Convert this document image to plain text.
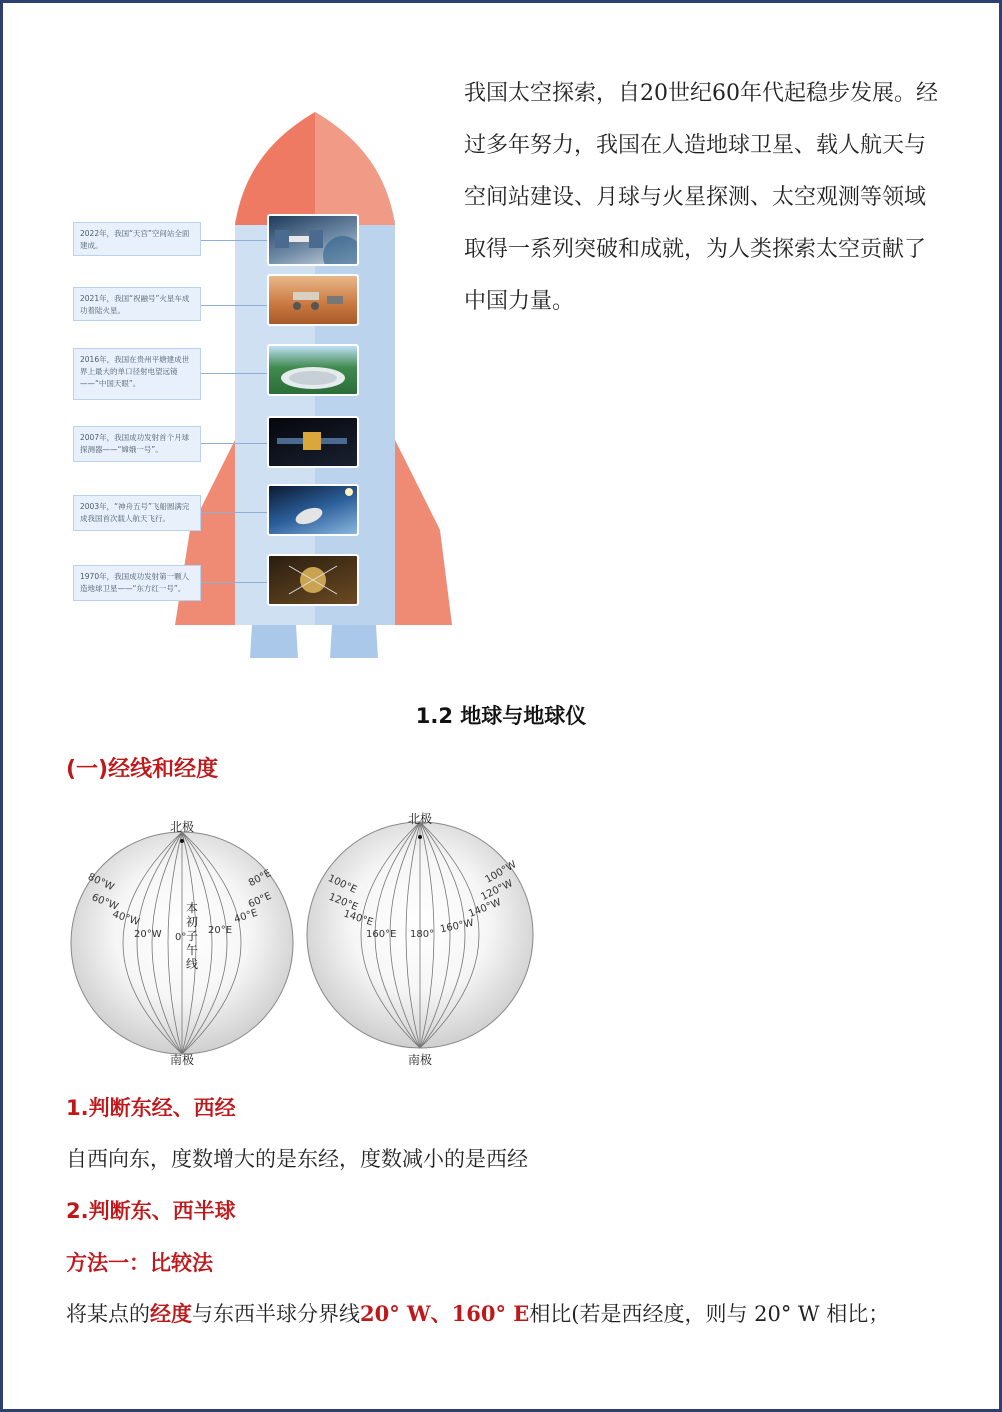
2022年，我国“天宫”空间站全面建成。
2021年，我国“祝融号”火星车成功着陆火星。
2016年，我国在贵州平塘建成世界上最大的单口径射电望远镜——“中国天眼”。
2007年，我国成功发射首个月球探测器——“嫦娥一号”。
2003年，“神舟五号”飞船圆满完成我国首次载人航天飞行。
1970年，我国成功发射第一颗人造地球卫星——“东方红一号”。
我国太空探索，自20世纪60年代起稳步发展。经过多年努力，我国在人造地球卫星、载人航天与空间站建设、月球与火星探测、太空观测等领域取得一系列突破和成就，为人类探索太空贡献了中国力量。
1.2 地球与地球仪
(一)经线和经度
北极
南极
本初子午线
80°W
60°W
40°W
20°W 0°
20°E
40°E
60°E
80°E
北极
南极
100°E
120°E
140°E
160°E 180° 160°W
140°W
120°W
100°W
1.判断东经、西经
自西向东，度数增大的是东经，度数减小的是西经
2.判断东、西半球
方法一：比较法
将某点的经度与东西半球分界线20° W、160° E相比(若是西经度，则与 20° W 相比；
